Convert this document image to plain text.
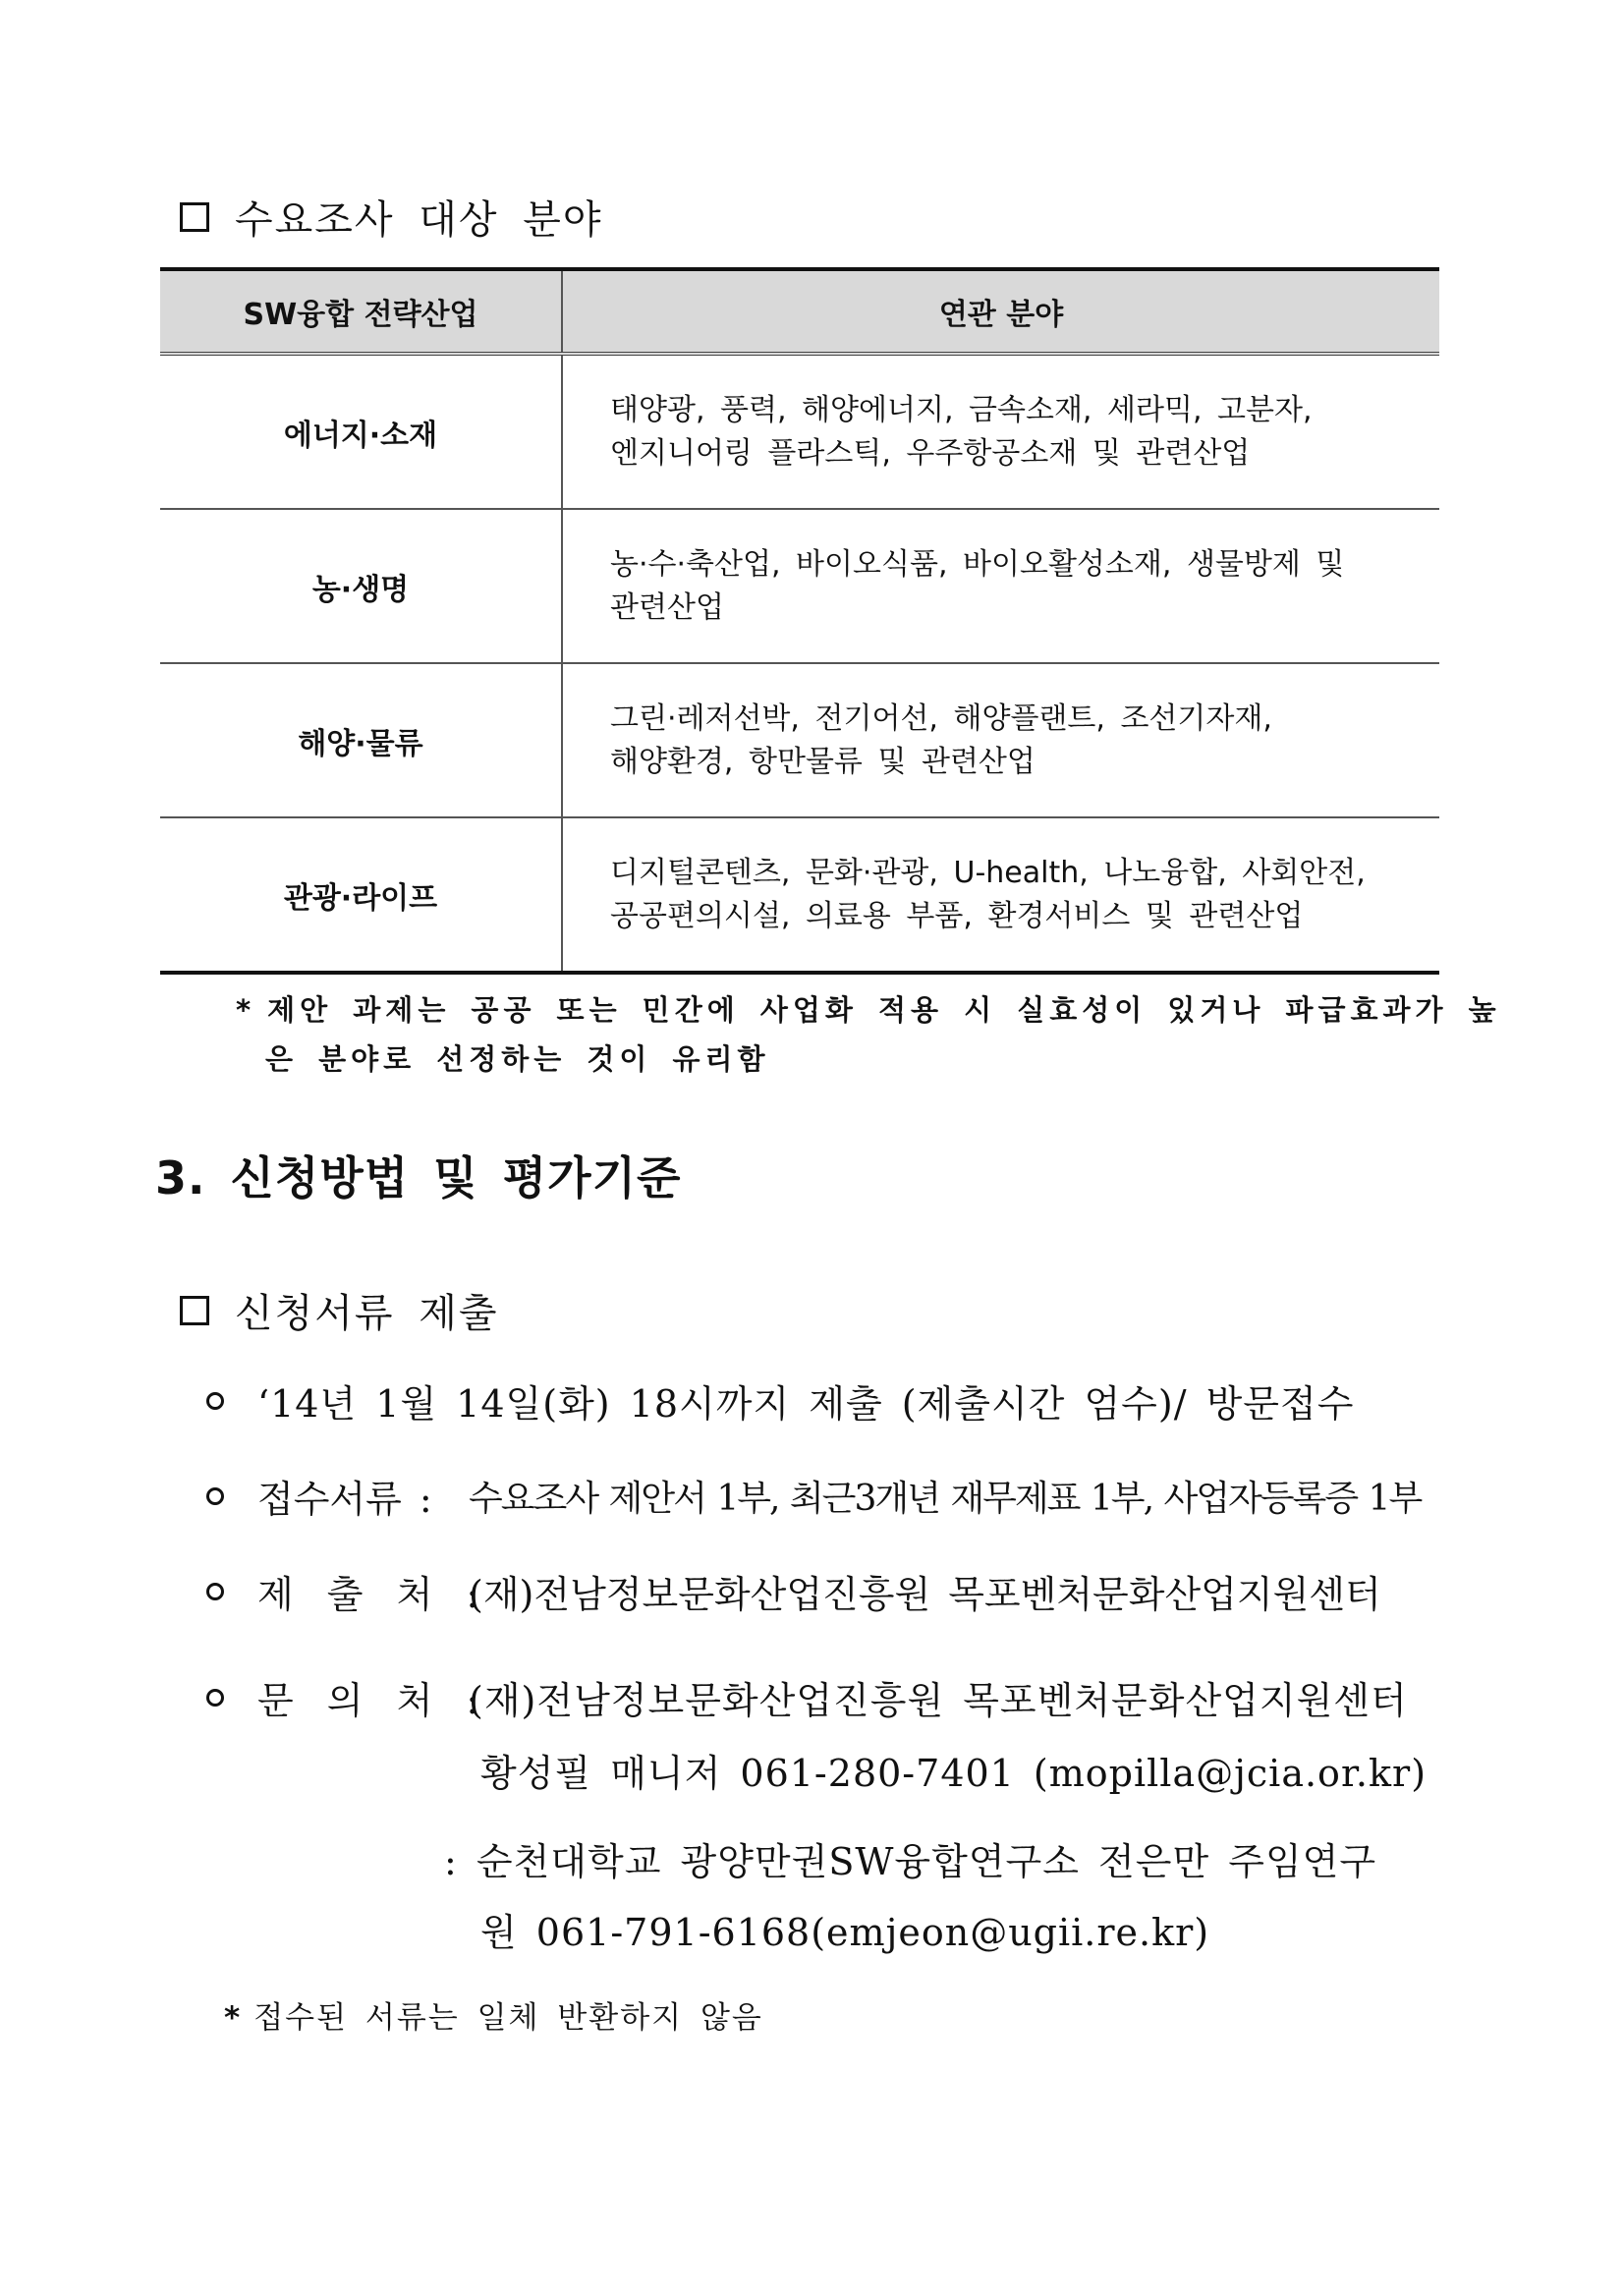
수요조사 대상 분야
SW융합 전략산업	연관 분야
에너지·소재
태양광, 풍력, 해양에너지, 금속소재, 세라믹, 고분자,
엔지니어링 플라스틱, 우주항공소재 및 관련산업
농·생명
농·수·축산업, 바이오식품, 바이오활성소재, 생물방제 및
관련산업
해양·물류
그린·레저선박, 전기어선, 해양플랜트, 조선기자재,
해양환경, 항만물류 및 관련산업
관광·라이프
디지털콘텐츠, 문화·관광, U-health, 나노융합, 사회안전,
공공편의시설, 의료용 부품, 환경서비스 및 관련산업
* 제안 과제는 공공 또는 민간에 사업화 적용 시 실효성이 있거나 파급효과가 높
은 분야로 선정하는 것이 유리함
3. 신청방법 및 평가기준
신청서류 제출
‘14년 1월 14일(화) 18시까지 제출 (제출시간 엄수)/ 방문접수
접수서류 :	수요조사 제안서 1부, 최근3개년 재무제표 1부, 사업자등록증 1부
제 출 처 :
(재)전남정보문화산업진흥원 목포벤처문화산업지원센터
문 의 처 :
(재)전남정보문화산업진흥원 목포벤처문화산업지원센터
황성필 매니저 061-280-7401 (mopilla@jcia.or.kr)
: 순천대학교 광양만권SW융합연구소 전은만 주임연구
원 061-791-6168(emjeon@ugii.re.kr)
* 접수된 서류는 일체 반환하지 않음
